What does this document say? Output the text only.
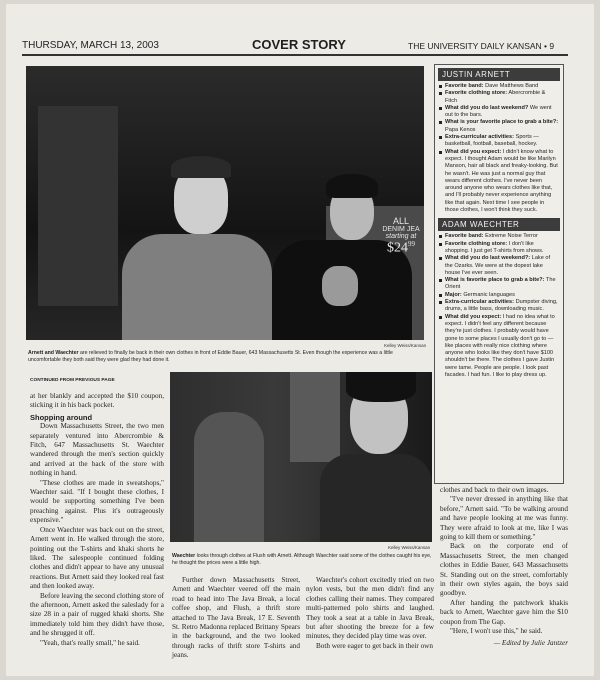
THURSDAY, MARCH 13, 2003	COVER STORY	THE UNIVERSITY DAILY KANSAN • 9
ALL
DENIM JEA
starting at
$\$24^{99}$
Kelley Weiss/Kansan
Arnett and Waechter are relieved to finally be back in their own clothes in front of Eddie Bauer, 643 Massachusetts St. Even though the experience was a little uncomfortable they both said they were glad they had done it.
CONTINUED FROM PREVIOUS PAGE

at her blankly and accepted the $10 coupon, sticking it in his back pocket.

Shopping around

Down Massachusetts Street, the two men separately ventured into Abercrombie & Fitch, 647 Massachusetts St. Waechter wandered through the men's section quickly and arrived at the back of the store with nothing in hand.

"These clothes are made in sweatshops," Waechter said. "If I bought these clothes, I would be supporting something I've been preaching against. Plus it's outrageously expensive."

Once Waechter was back out on the street, Arnett went in. He walked through the store, pointing out the T-shirts and khaki shorts he liked. The salespeople continued folding clothes and didn't appear to have any unusual reactions. But Arnett said they looked real fast and then looked away.

Before leaving the second clothing store of the afternoon, Arnett asked the saleslady for a size 28 in a pair of rugged khaki shorts. She immediately told him they didn't have those, and he shrugged it off.

"Yeah, that's really small," he said.

Kelley Weiss/Kansan
Waechter looks through clothes at Flush with Arnett. Although Waechter said some of the clothes caught his eye, he thought the prices were a little high.

Further down Massachusetts Street, Arnett and Waechter veered off the main road to head into The Java Break, a local coffee shop, and Flush, a thrift store attached to The Java Break, 17 E. Seventh St. Retro Madonna replaced Brittany Spears in the background, and the two looked through racks of thrift store T-shirts and jeans.

Waechter's cohort excitedly tried on two nylon vests, but the men didn't find any clothes calling their names. They compared multi-patterned polo shirts and laughed. They took a seat at a table in Java Break, but after shooting the breeze for a few minutes, they decided play time was over.

Both were eager to get back in their own

clothes and back to their own images.

"I've never dressed in anything like that before," Arnett said. "To be walking around and have people looking at me was funny. They were afraid to look at me, like I was going to kill them or something."

Back on the corporate end of Massachusetts Street, the men changed clothes in Eddie Bauer, 643 Massachusetts St. Standing out on the street, comfortably in their own styles again, the boys said goodbye.

After handing the patchwork khakis back to Arnett, Waechter gave him the $10 coupon from The Gap.

"Here, I won't use this," he said.

— Edited by Julie Jantzer

JUSTIN ARNETT
Favorite band: Dave Matthews Band
Favorite clothing store: Abercrombie & Fitch
What did you do last weekend? We went out to the bars.
What is your favorite place to grab a bite?: Papa Kenos
Extra-curricular activities: Sports — basketball, football, baseball, hockey.
What did you expect: I didn't know what to expect. I thought Adam would be like Marilyn Manson, hair all black and freaky-looking. But he wasn't. He was just a normal guy that wears different clothes. I've never been around anyone who wears clothes like that, and I'll probably never experience anything like that again. Next time I see people in those clothes, I won't think they suck.
ADAM WAECHTER
Favorite band: Extreme Noise Terror
Favorite clothing store: I don't like shopping. I just get T-shirts from shows.
What did you do last weekend?: Lake of the Ozarks. We were at the dopest lake house I've ever seen.
What is favorite place to grab a bite?: The Orient
Major: Germanic languages
Extra-curricular activities: Dumpster diving, drums, a little bass, downloading music.
What did you expect: I had no idea what to expect. I didn't feel any different because they're just clothes. I probably would have gone to some places I usually don't go to — like places with really nice clothing where anyone who looks like they don't have $100 shouldn't be there. The clothes I gave Justin were tame. People are people. I look past facades. I had fun. I like to play dress up.
